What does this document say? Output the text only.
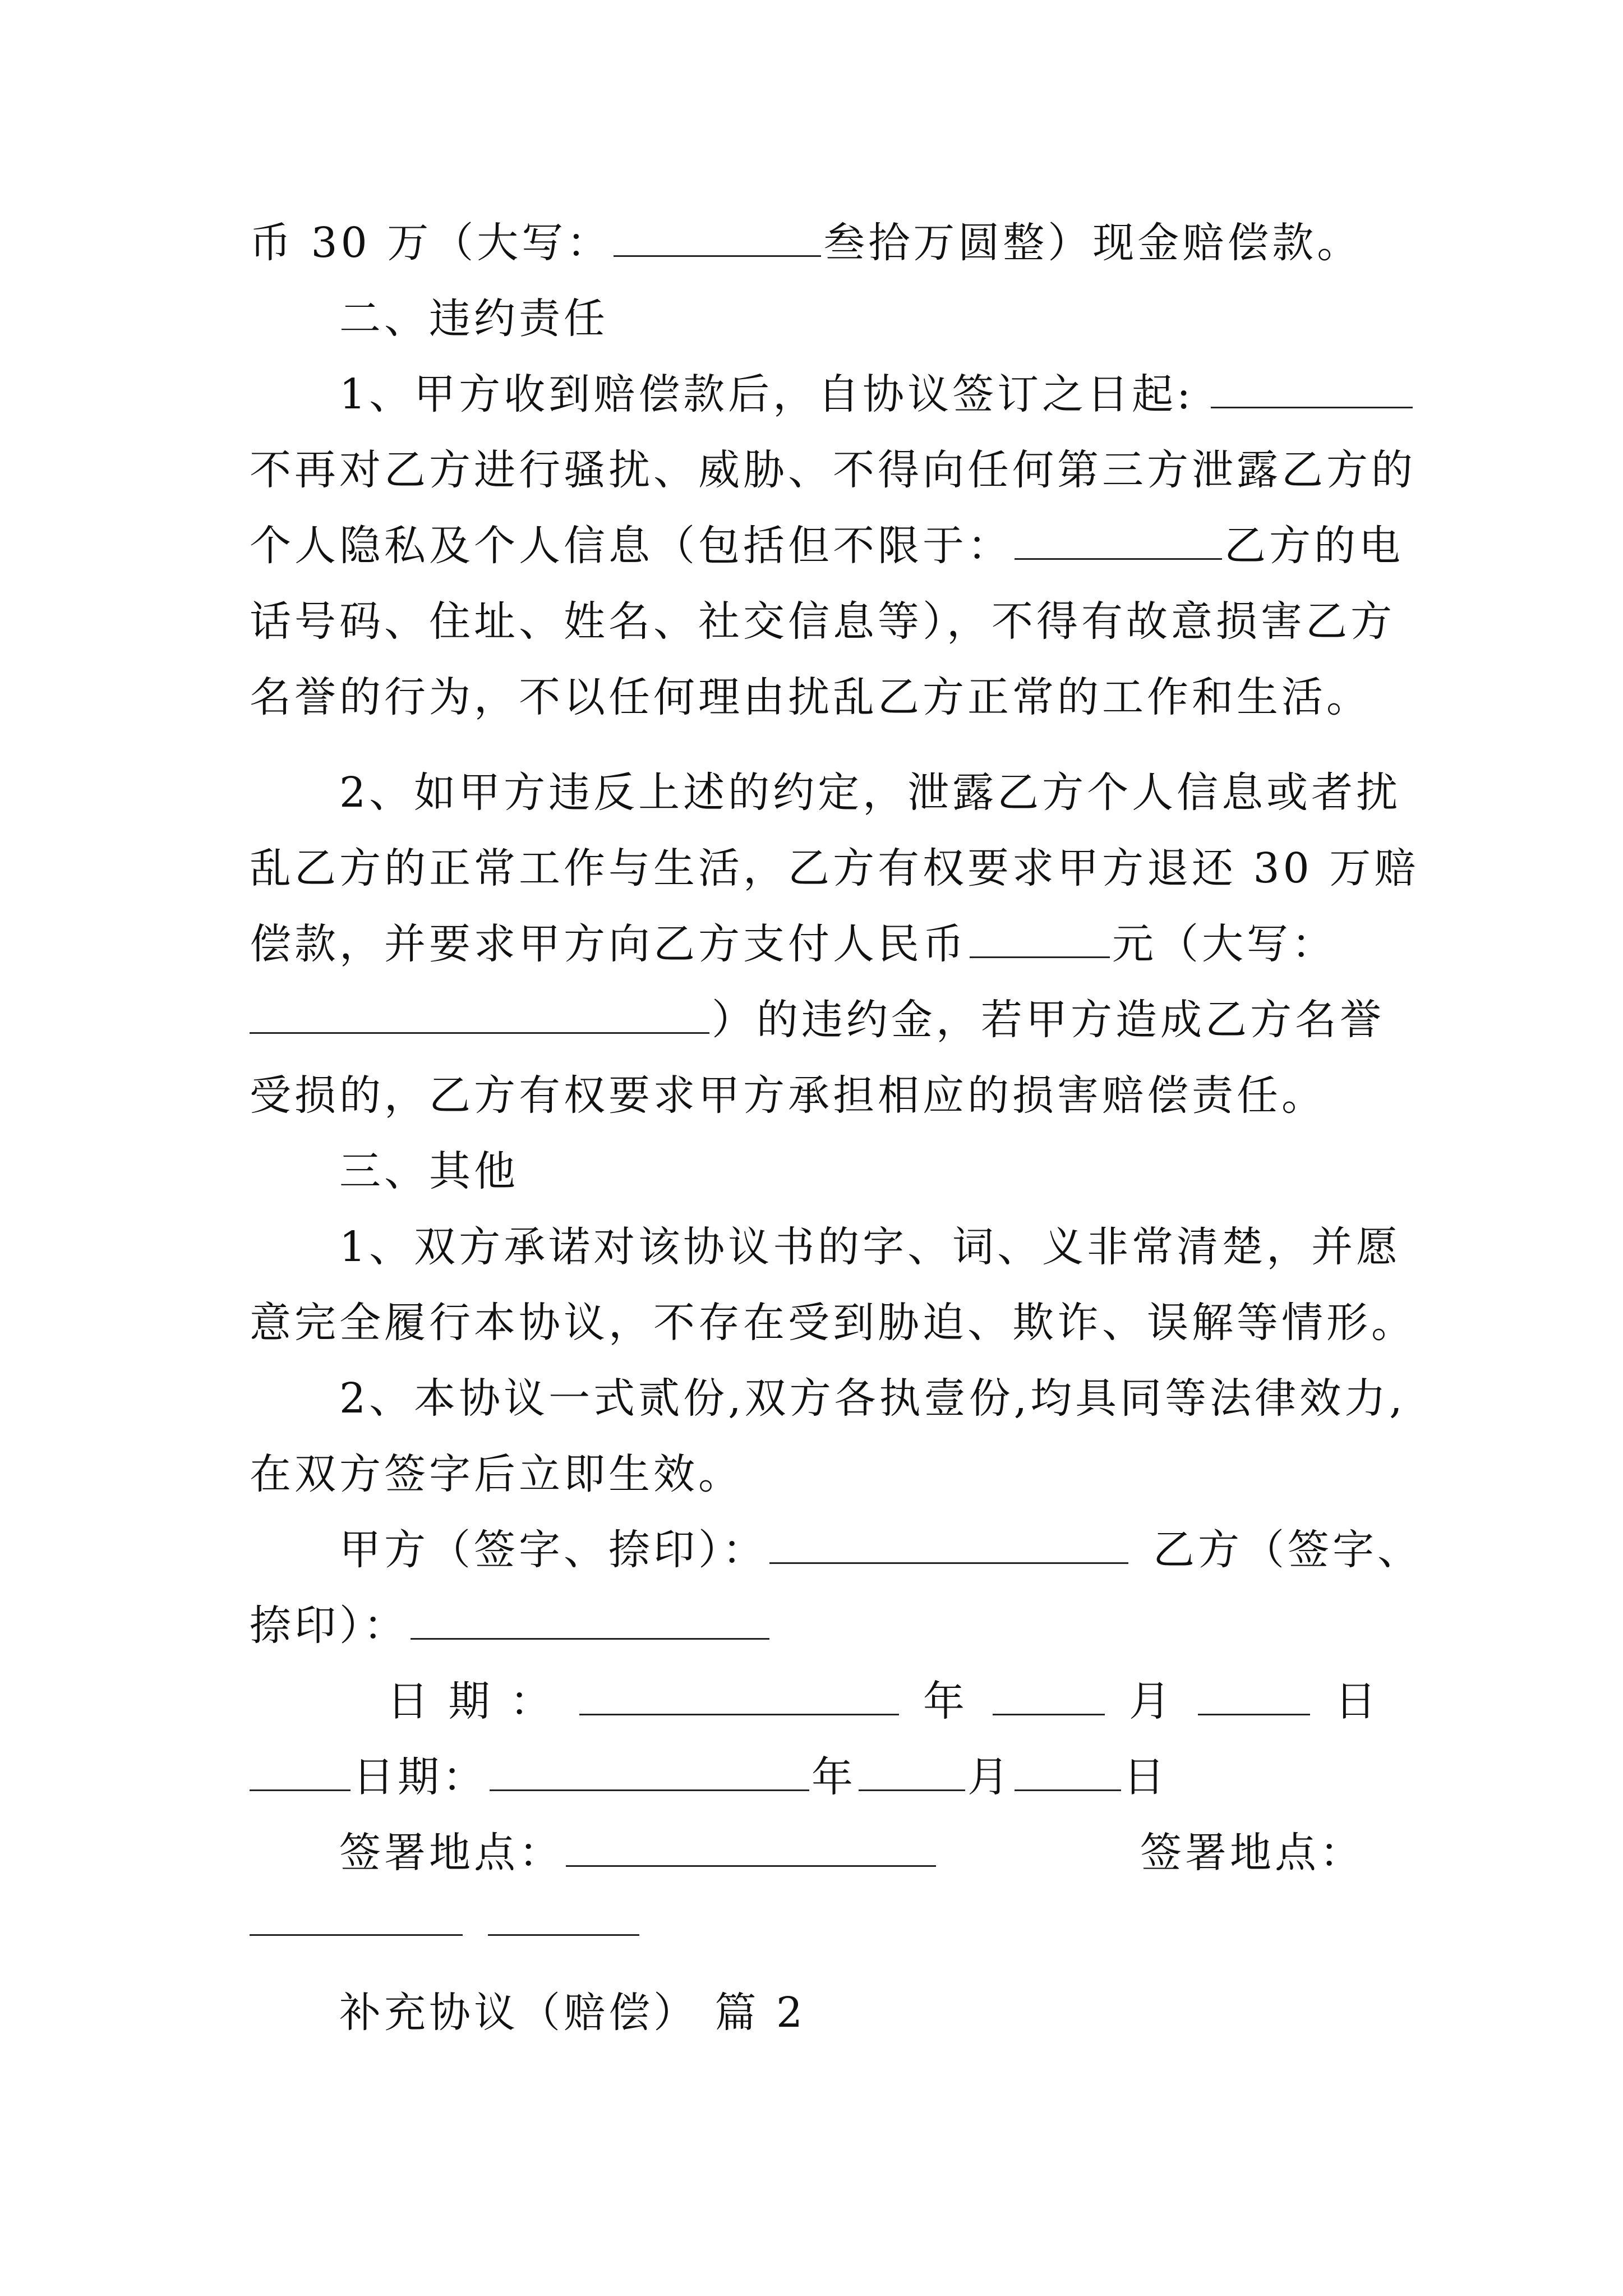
币 30 万（大写：	叁拾万圆整）现金赔偿款。
二、违约责任
1、甲方收到赔偿款后，自协议签订之日起:
不再对乙方进行骚扰、威胁、不得向任何第三方泄露乙方的
个人隐私及个人信息（包括但不限于：	乙方的电
话号码、住址、姓名、社交信息等），不得有故意损害乙方
名誉的行为，不以任何理由扰乱乙方正常的工作和生活。
2、如甲方违反上述的约定，泄露乙方个人信息或者扰
乱乙方的正常工作与生活，乙方有权要求甲方退还 30 万赔
偿款，并要求甲方向乙方支付人民币	元（大写：
）的违约金，若甲方造成乙方名誉
受损的，乙方有权要求甲方承担相应的损害赔偿责任。
三、其他
1、双方承诺对该协议书的字、词、义非常清楚，并愿
意完全履行本协议，不存在受到胁迫、欺诈、误解等情形。
2、本协议一式贰份,双方各执壹份,均具同等法律效力,
在双方签字后立即生效。
甲方（签字、捺印）：	乙方（签字、
捺印）：
日 期 ：	年	月	日
日期：	年	月	日
签署地点：	签署地点：
补充协议（赔偿） 篇 2
